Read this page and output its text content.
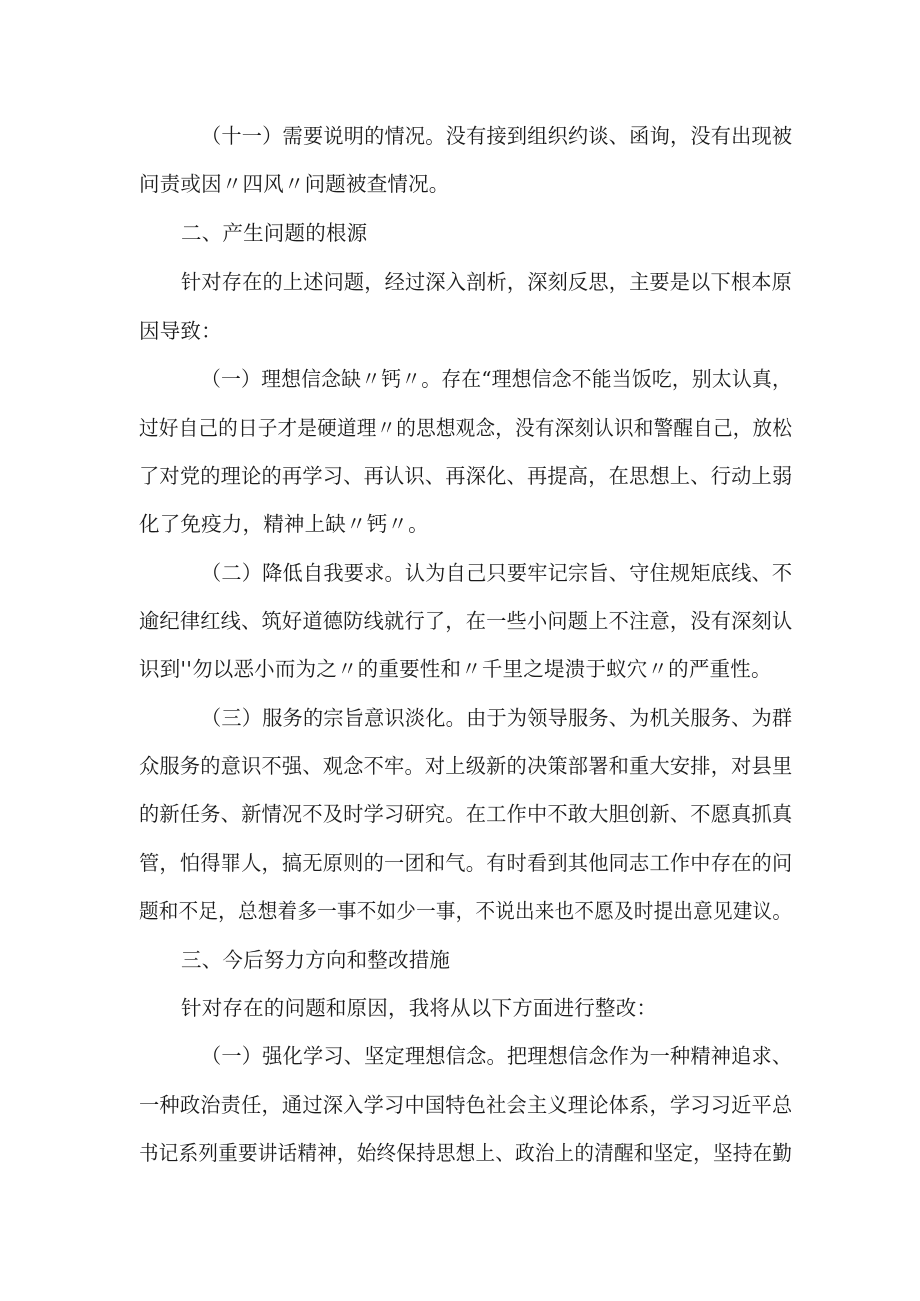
（十一）需要说明的情况。没有接到组织约谈、函询，没有出现被

问责或因〃四风〃问题被查情况。

二、产生问题的根源

针对存在的上述问题，经过深入剖析，深刻反思，主要是以下根本原

因导致：

（一）理想信念缺〃钙〃。存在“理想信念不能当饭吃，别太认真，

过好自己的日子才是硬道理〃的思想观念，没有深刻认识和警醒自己，放松

了对党的理论的再学习、再认识、再深化、再提高，在思想上、行动上弱

化了免疫力，精神上缺〃钙〃。

（二）降低自我要求。认为自己只要牢记宗旨、守住规矩底线、不

逾纪律红线、筑好道德防线就行了，在一些小问题上不注意，没有深刻认

识到''勿以恶小而为之〃的重要性和〃千里之堤溃于蚁穴〃的严重性。

（三）服务的宗旨意识淡化。由于为领导服务、为机关服务、为群

众服务的意识不强、观念不牢。对上级新的决策部署和重大安排，对县里

的新任务、新情况不及时学习研究。在工作中不敢大胆创新、不愿真抓真

管，怕得罪人，搞无原则的一团和气。有时看到其他同志工作中存在的问

题和不足，总想着多一事不如少一事，不说出来也不愿及时提出意见建议。

三、今后努力方向和整改措施

针对存在的问题和原因，我将从以下方面进行整改：

（一）强化学习、坚定理想信念。把理想信念作为一种精神追求、

一种政治责任，通过深入学习中国特色社会主义理论体系，学习习近平总

书记系列重要讲话精神，始终保持思想上、政治上的清醒和坚定，坚持在勤
